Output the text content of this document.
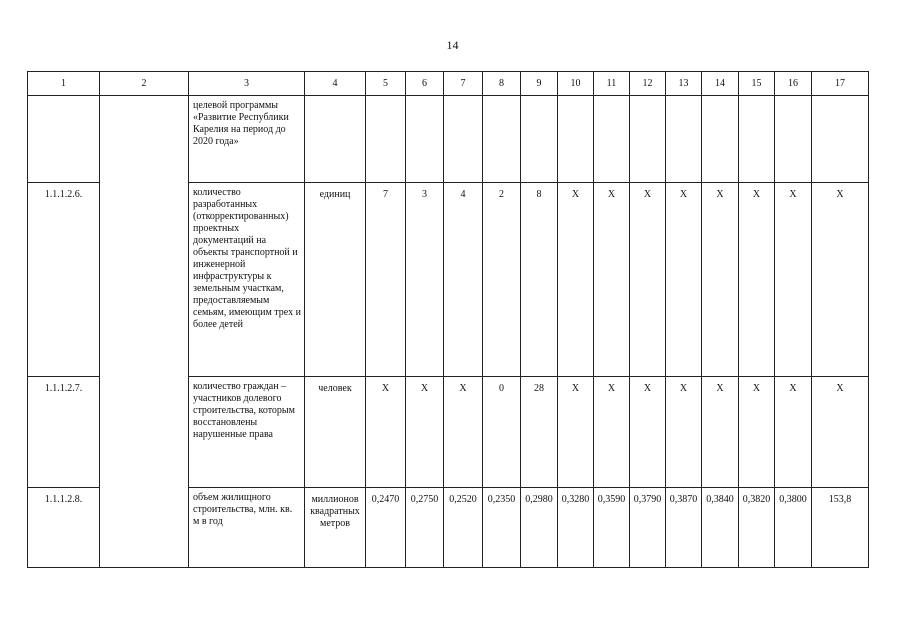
14
1	2	3	4	5	6	7	8	9	10	11	12	13	14	15	16	17
		целевой программы «Развитие Республики Карелия на период до 2020 года»														
1.1.1.2.6.		количество разработанных (откорректированных) проектных документаций на объекты транспортной и инженерной инфраструктуры к земельным участкам, предоставляемым семьям, имеющим трех и более детей	единиц	7	3	4	2	8	Х	Х	Х	Х	Х	Х	Х	Х
1.1.1.2.7.		количество граждан – участников долевого строительства, которым восстановлены нарушенные права	человек	Х	Х	Х	0	28	Х	Х	Х	Х	Х	Х	Х	Х
1.1.1.2.8.		объем жилищного строительства, млн. кв. м в год	миллионов квадратных метров	0,2470	0,2750	0,2520	0,2350	0,2980	0,3280	0,3590	0,3790	0,3870	0,3840	0,3820	0,3800	153,8
